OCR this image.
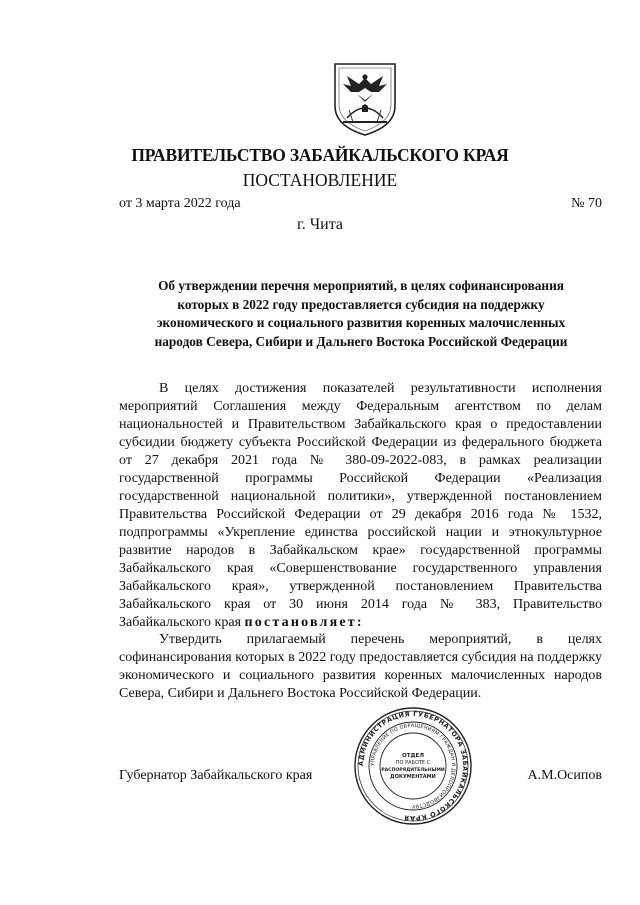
ПРАВИТЕЛЬСТВО ЗАБАЙКАЛЬСКОГО КРАЯ
ПОСТАНОВЛЕНИЕ
от 3 марта 2022 года	№ 70
г. Чита
Об утверждении перечня мероприятий, в целях софинансирования
которых в 2022 году предоставляется субсидия на поддержку
экономического и социального развития коренных малочисленных
народов Севера, Сибири и Дальнего Востока Российской Федерации
В целях достижения показателей результативности исполнения мероприятий Соглашения между Федеральным агентством по делам национальностей и Правительством Забайкальского края о предоставлении субсидии бюджету субъекта Российской Федерации из федерального бюджета от 27 декабря 2021 года № 380-09-2022-083, в рамках реализации государственной программы Российской Федерации «Реализация государственной национальной политики», утвержденной постановлением Правительства Российской Федерации от 29 декабря 2016 года № 1532, подпрограммы «Укрепление единства российской нации и этнокультурное развитие народов в Забайкальском крае» государственной программы Забайкальского края «Совершенствование государственного управления Забайкальского края», утвержденной постановлением Правительства Забайкальского края от 30 июня 2014 года № 383, Правительство Забайкальского края постановляет:
Утвердить прилагаемый перечень мероприятий, в целях софинансирования которых в 2022 году предоставляется субсидия на поддержку экономического и социального развития коренных малочисленных народов Севера, Сибири и Дальнего Востока Российской Федерации.
Губернатор Забайкальского края	А.М.Осипов
АДМИНИСТРАЦИЯ ГУБЕРНАТОРА ЗАБАЙКАЛЬСКОГО КРАЯ
УПРАВЛЕНИЕ ПО ОБРАЩЕНИЯМ ГРАЖДАН И ДЕЛОПРОИЗВОДСТВУ
ОТДЕЛ
ПО РАБОТЕ С
РАСПОРЯДИТЕЛЬНЫМИ
ДОКУМЕНТАМИ
